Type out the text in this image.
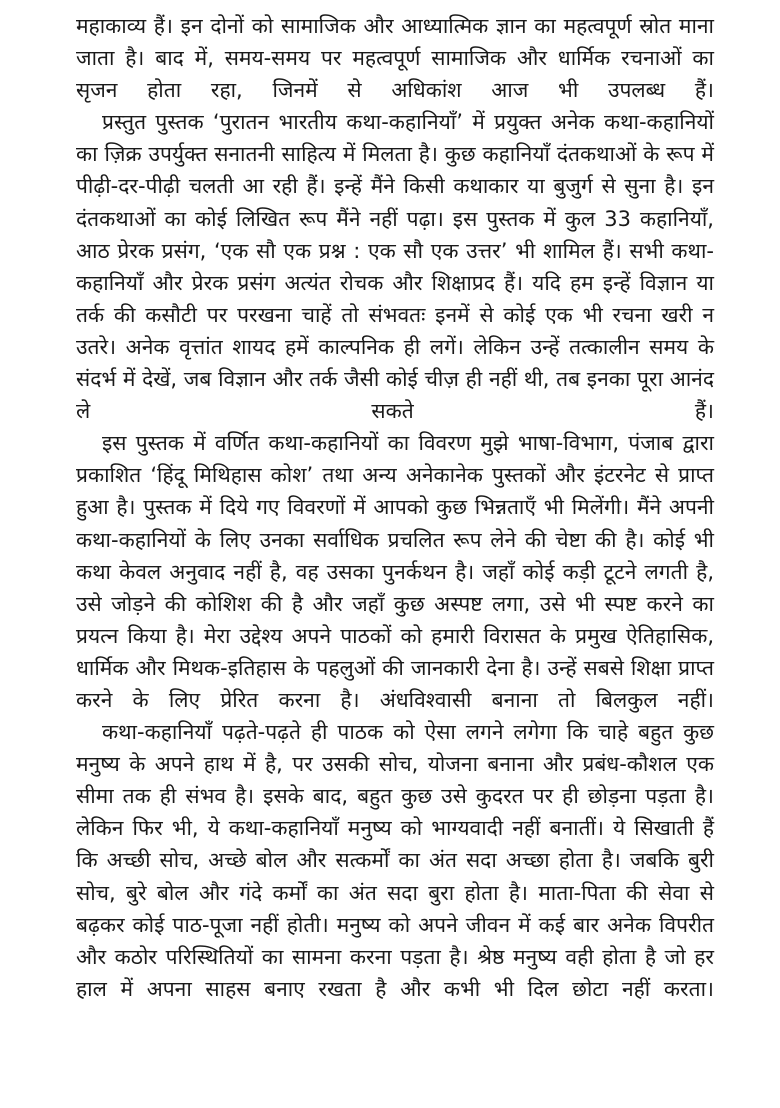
महाकाव्य हैं। इन दोनों को सामाजिक और आध्यात्मिक ज्ञान का महत्वपूर्ण स्रोत माना जाता है। बाद में, समय-समय पर महत्वपूर्ण सामाजिक और धार्मिक रचनाओं का सृजन होता रहा, जिनमें से अधिकांश आज भी उपलब्ध हैं।

प्रस्तुत पुस्तक ‘पुरातन भारतीय कथा-कहानियाँ’ में प्रयुक्त अनेक कथा-कहानियों का ज़िक्र उपर्युक्त सनातनी साहित्य में मिलता है। कुछ कहानियाँ दंतकथाओं के रूप में पीढ़ी-दर-पीढ़ी चलती आ रही हैं। इन्हें मैंने किसी कथाकार या बुजुर्ग से सुना है। इन दंतकथाओं का कोई लिखित रूप मैंने नहीं पढ़ा। इस पुस्तक में कुल 33 कहानियाँ, आठ प्रेरक प्रसंग, ‘एक सौ एक प्रश्न : एक सौ एक उत्तर’ भी शामिल हैं। सभी कथा-कहानियाँ और प्रेरक प्रसंग अत्यंत रोचक और शिक्षाप्रद हैं। यदि हम इन्हें विज्ञान या तर्क की कसौटी पर परखना चाहें तो संभवतः इनमें से कोई एक भी रचना खरी न उतरे। अनेक वृत्तांत शायद हमें काल्पनिक ही लगें। लेकिन उन्हें तत्कालीन समय के संदर्भ में देखें, जब विज्ञान और तर्क जैसी कोई चीज़ ही नहीं थी, तब इनका पूरा आनंद ले सकते हैं।

इस पुस्तक में वर्णित कथा-कहानियों का विवरण मुझे भाषा-विभाग, पंजाब द्वारा प्रकाशित ‘हिंदू मिथिहास कोश’ तथा अन्य अनेकानेक पुस्तकों और इंटरनेट से प्राप्त हुआ है। पुस्तक में दिये गए विवरणों में आपको कुछ भिन्नताएँ भी मिलेंगी। मैंने अपनी कथा-कहानियों के लिए उनका सर्वाधिक प्रचलित रूप लेने की चेष्टा की है। कोई भी कथा केवल अनुवाद नहीं है, वह उसका पुनर्कथन है। जहाँ कोई कड़ी टूटने लगती है, उसे जोड़ने की कोशिश की है और जहाँ कुछ अस्पष्ट लगा, उसे भी स्पष्ट करने का प्रयत्न किया है। मेरा उद्देश्य अपने पाठकों को हमारी विरासत के प्रमुख ऐतिहासिक, धार्मिक और मिथक-इतिहास के पहलुओं की जानकारी देना है। उन्हें सबसे शिक्षा प्राप्त करने के लिए प्रेरित करना है। अंधविश्वासी बनाना तो बिलकुल नहीं।

कथा-कहानियाँ पढ़ते-पढ़ते ही पाठक को ऐसा लगने लगेगा कि चाहे बहुत कुछ मनुष्य के अपने हाथ में है, पर उसकी सोच, योजना बनाना और प्रबंध-कौशल एक सीमा तक ही संभव है। इसके बाद, बहुत कुछ उसे कुदरत पर ही छोड़ना पड़ता है। लेकिन फिर भी, ये कथा-कहानियाँ मनुष्य को भाग्यवादी नहीं बनातीं। ये सिखाती हैं कि अच्छी सोच, अच्छे बोल और सत्कर्मों का अंत सदा अच्छा होता है। जबकि बुरी सोच, बुरे बोल और गंदे कर्मों का अंत सदा बुरा होता है। माता-पिता की सेवा से बढ़कर कोई पाठ-पूजा नहीं होती। मनुष्य को अपने जीवन में कई बार अनेक विपरीत और कठोर परिस्थितियों का सामना करना पड़ता है। श्रेष्ठ मनुष्य वही होता है जो हर हाल में अपना साहस बनाए रखता है और कभी भी दिल छोटा नहीं करता।
